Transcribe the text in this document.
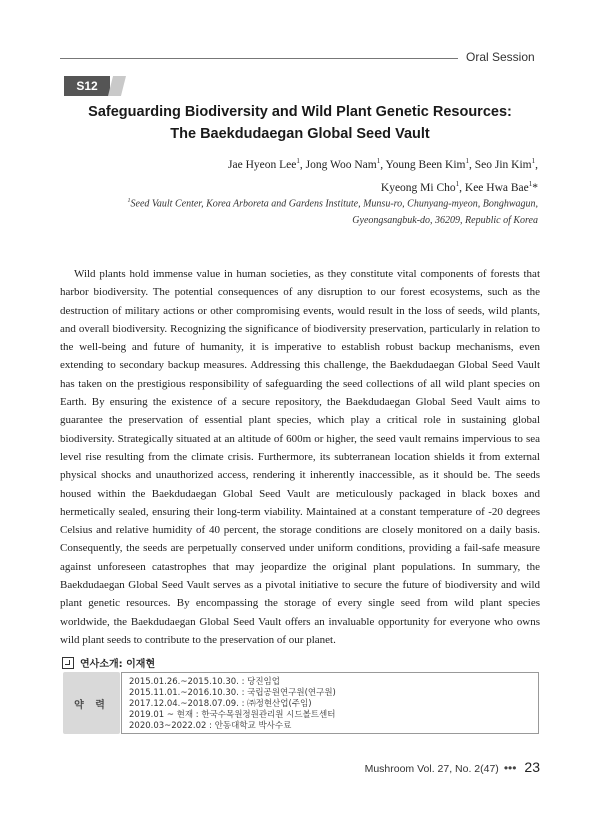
Oral Session
S12
Safeguarding Biodiversity and Wild Plant Genetic Resources:
The Baekdudaegan Global Seed Vault
Jae Hyeon Lee$^1$, Jong Woo Nam$^1$, Young Been Kim$^1$, Seo Jin Kim$^1$,
Kyeong Mi Cho$^1$, Kee Hwa Bae$^1$*
$^1$Seed Vault Center, Korea Arboreta and Gardens Institute, Munsu-ro, Chunyang-myeon, Bonghwagun,
Gyeongsangbuk-do, 36209, Republic of Korea

Wild plants hold immense value in human societies, as they constitute vital components of forests that harbor biodiversity. The potential consequences of any disruption to our forest ecosystems, such as the destruction of military actions or other compromising events, would result in the loss of seeds, wild plants, and overall biodiversity. Recognizing the significance of biodiversity preservation, particularly in relation to the well-being and future of humanity, it is imperative to establish robust backup mechanisms, even extending to secondary backup measures. Addressing this challenge, the Baekdudaegan Global Seed Vault has taken on the prestigious responsibility of safeguarding the seed collections of all wild plant species on Earth. By ensuring the existence of a secure repository, the Baekdudaegan Global Seed Vault aims to guarantee the preservation of essential plant species, which play a critical role in sustaining global biodiversity. Strategically situated at an altitude of 600m or higher, the seed vault remains impervious to sea level rise resulting from the climate crisis. Furthermore, its subterranean location shields it from external physical shocks and unauthorized access, rendering it inherently inaccessible, as it should be. The seeds housed within the Baekdudaegan Global Seed Vault are meticulously packaged in black boxes and hermetically sealed, ensuring their long-term viability. Maintained at a constant temperature of -20 degrees Celsius and relative humidity of 40 percent, the storage conditions are closely monitored on a daily basis. Consequently, the seeds are perpetually conserved under uniform conditions, providing a fail-safe measure against unforeseen catastrophes that may jeopardize the original plant populations. In summary, the Baekdudaegan Global Seed Vault serves as a pivotal initiative to secure the future of biodiversity and wild plant genetic resources. By encompassing the storage of every single seed from wild plant species worldwide, the Baekdudaegan Global Seed Vault offers an invaluable opportunity for everyone who owns wild plant seeds to contribute to the preservation of our planet.

연사소개: 이재현
약 력
2015.01.26.~2015.10.30. : 당진임업
2015.11.01.~2016.10.30. : 국립공원연구원(연구원)
2017.12.04.~2018.07.09. : ㈜정현산업(주임)
2019.01 ~ 현재 : 한국수목원정원관리원 시드볼트센터
2020.03~2022.02 : 안동대학교 박사수료
Mushroom Vol. 27, No. 2(47) ••• 23
